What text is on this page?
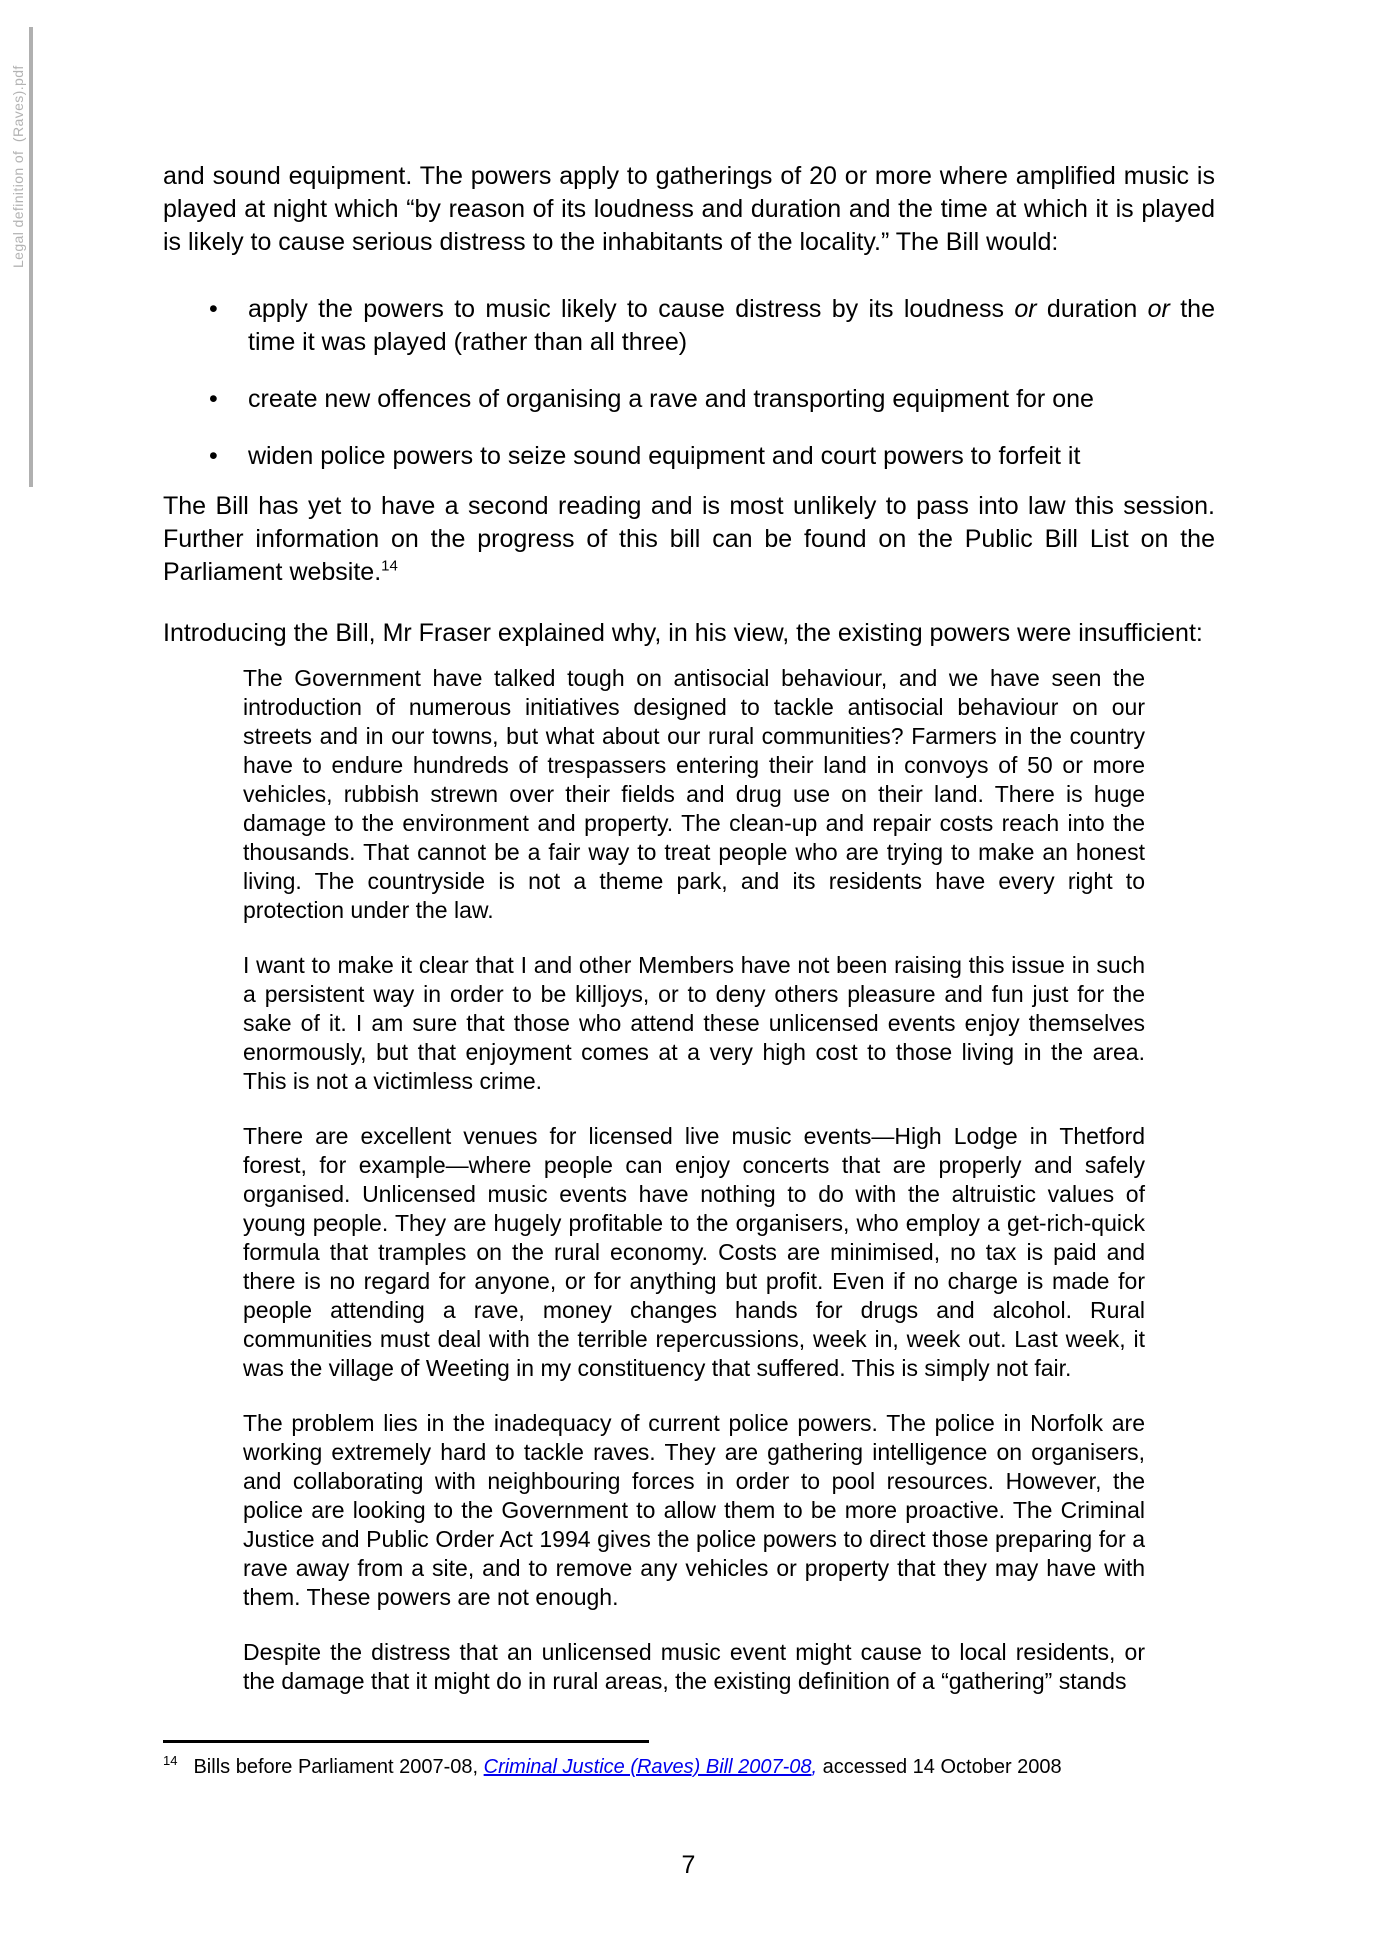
Legal definition of  (Raves).pdf	and sound equipment. The powers apply to gatherings of 20 or more where amplified music is played at night which “by reason of its loudness and duration and the time at which it is played is likely to cause serious distress to the inhabitants of the locality.” The Bill would:

• apply the powers to music likely to cause distress by its loudness or duration or the time it was played (rather than all three)
• create new offences of organising a rave and transporting equipment for one
• widen police powers to seize sound equipment and court powers to forfeit it

The Bill has yet to have a second reading and is most unlikely to pass into law this session. Further information on the progress of this bill can be found on the Public Bill List on the Parliament website.$^{14}$

Introducing the Bill, Mr Fraser explained why, in his view, the existing powers were insufficient:

The Government have talked tough on antisocial behaviour, and we have seen the introduction of numerous initiatives designed to tackle antisocial behaviour on our streets and in our towns, but what about our rural communities? Farmers in the country have to endure hundreds of trespassers entering their land in convoys of 50 or more vehicles, rubbish strewn over their fields and drug use on their land. There is huge damage to the environment and property. The clean-up and repair costs reach into the thousands. That cannot be a fair way to treat people who are trying to make an honest living. The countryside is not a theme park, and its residents have every right to protection under the law.

I want to make it clear that I and other Members have not been raising this issue in such a persistent way in order to be killjoys, or to deny others pleasure and fun just for the sake of it. I am sure that those who attend these unlicensed events enjoy themselves enormously, but that enjoyment comes at a very high cost to those living in the area. This is not a victimless crime.

There are excellent venues for licensed live music events—High Lodge in Thetford forest, for example—where people can enjoy concerts that are properly and safely organised. Unlicensed music events have nothing to do with the altruistic values of young people. They are hugely profitable to the organisers, who employ a get-rich-quick formula that tramples on the rural economy. Costs are minimised, no tax is paid and there is no regard for anyone, or for anything but profit. Even if no charge is made for people attending a rave, money changes hands for drugs and alcohol. Rural communities must deal with the terrible repercussions, week in, week out. Last week, it was the village of Weeting in my constituency that suffered. This is simply not fair.

The problem lies in the inadequacy of current police powers. The police in Norfolk are working extremely hard to tackle raves. They are gathering intelligence on organisers, and collaborating with neighbouring forces in order to pool resources. However, the police are looking to the Government to allow them to be more proactive. The Criminal Justice and Public Order Act 1994 gives the police powers to direct those preparing for a rave away from a site, and to remove any vehicles or property that they may have with them. These powers are not enough.

Despite the distress that an unlicensed music event might cause to local residents, or the damage that it might do in rural areas, the existing definition of a “gathering” stands

$^{14}$ Bills before Parliament 2007-08, Criminal Justice (Raves) Bill 2007-08, accessed 14 October 2008

7
